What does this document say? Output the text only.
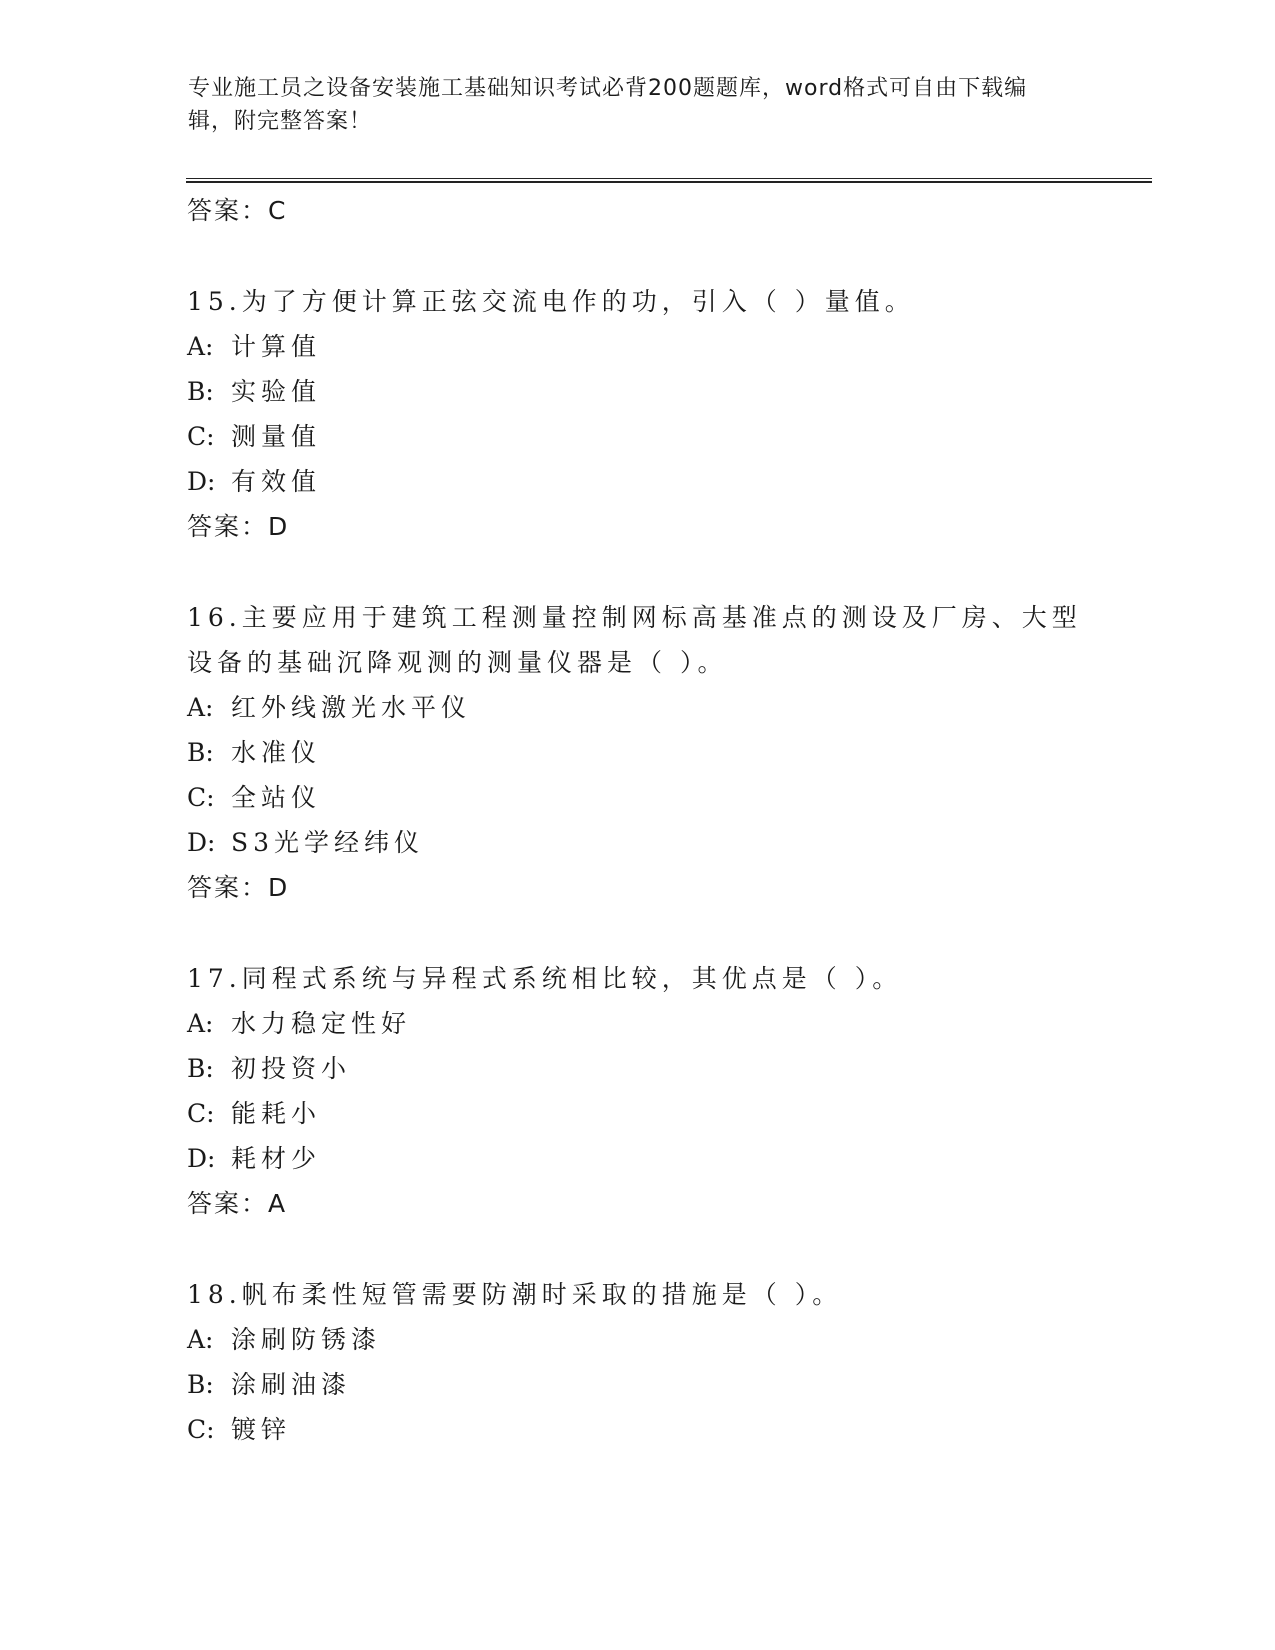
专业施工员之设备安装施工基础知识考试必背200题题库，word格式可自由下载编辑，附完整答案！
答案：C
15.为了方便计算正弦交流电作的功，引入（ ）量值。
A: 计算值
B: 实验值
C: 测量值
D: 有效值
答案：D
16.主要应用于建筑工程测量控制网标高基准点的测设及厂房、大型设备的基础沉降观测的测量仪器是（ ）。
A: 红外线激光水平仪
B: 水准仪
C: 全站仪
D: S3光学经纬仪
答案：D
17.同程式系统与异程式系统相比较，其优点是（ ）。
A: 水力稳定性好
B: 初投资小
C: 能耗小
D: 耗材少
答案：A
18.帆布柔性短管需要防潮时采取的措施是（ ）。
A: 涂刷防锈漆
B: 涂刷油漆
C: 镀锌
